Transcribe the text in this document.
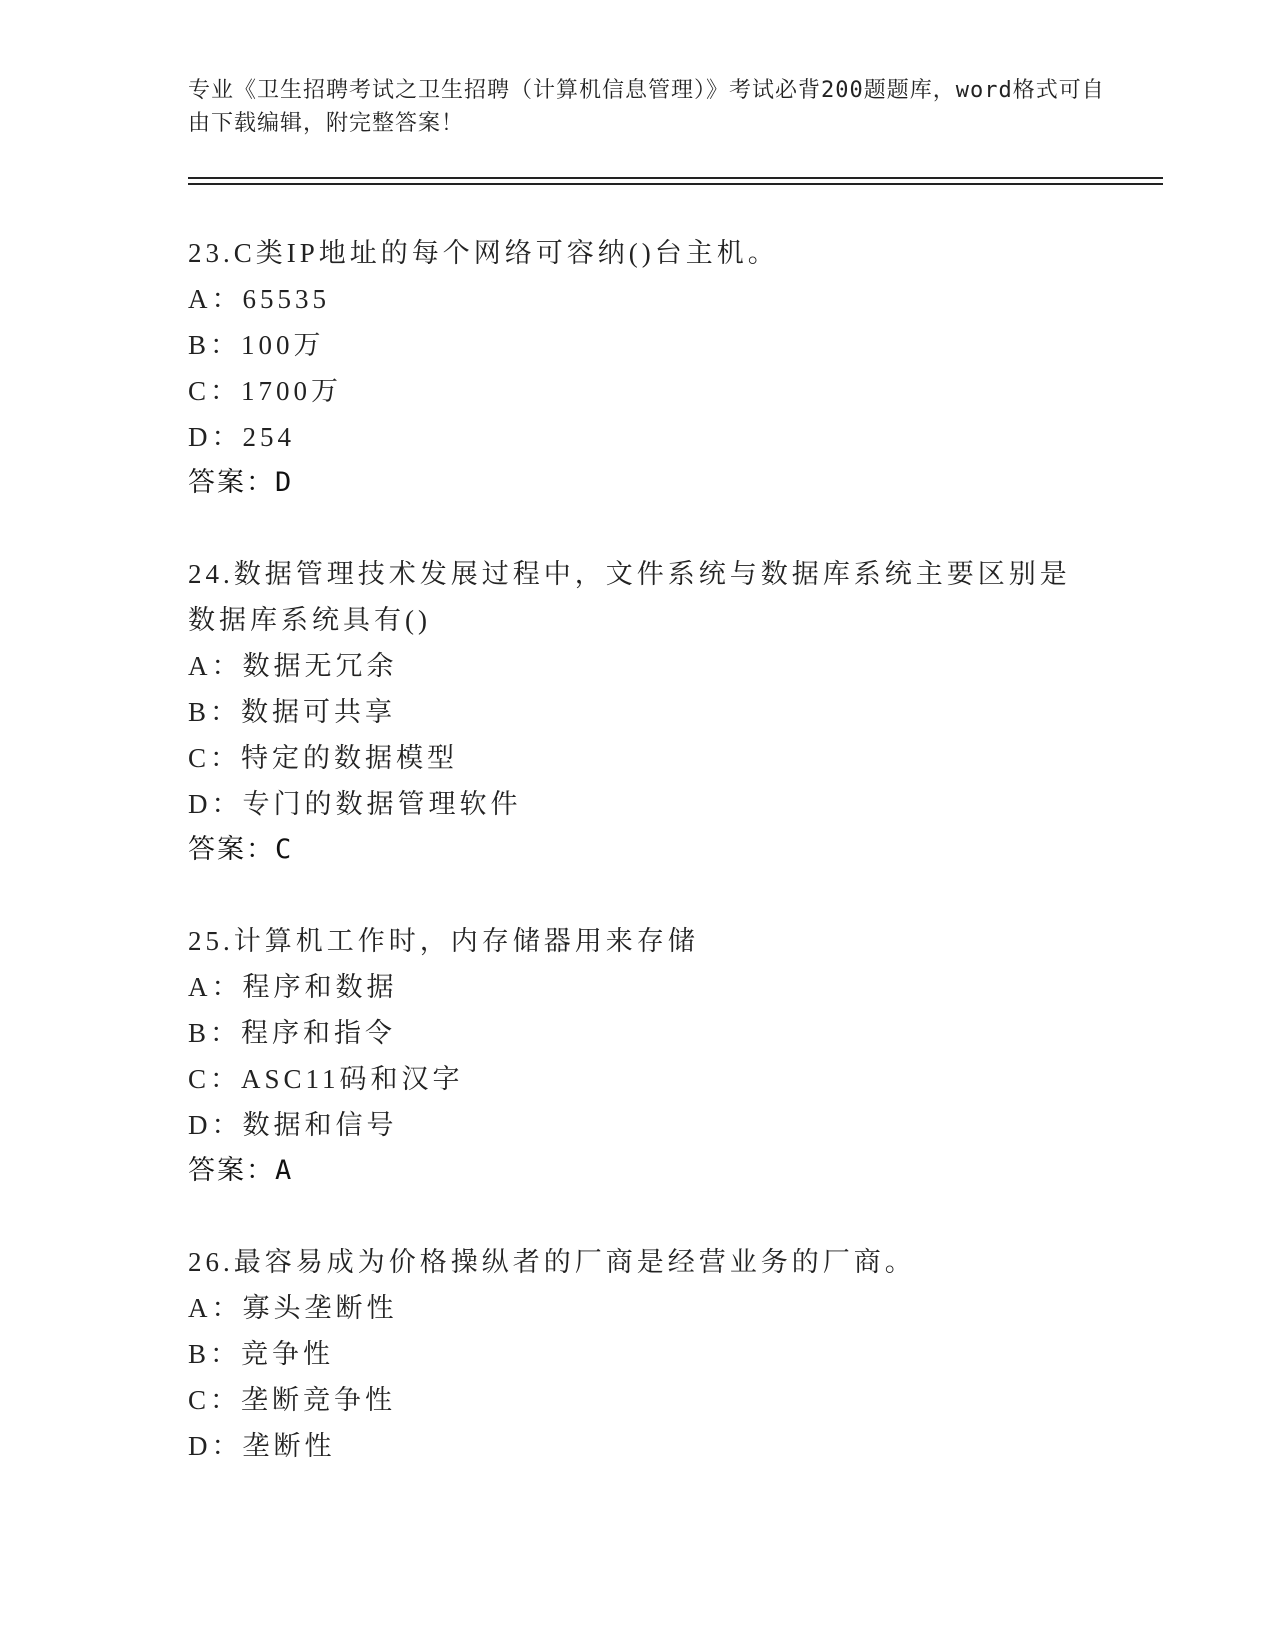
专业《卫生招聘考试之卫生招聘（计算机信息管理）》考试必背200题题库，word格式可自由下载编辑，附完整答案！
23.C类IP地址的每个网络可容纳()台主机。
A：65535
B：100万
C：1700万
D：254
答案：D
24.数据管理技术发展过程中，文件系统与数据库系统主要区别是数据库系统具有()
A：数据无冗余
B：数据可共享
C：特定的数据模型
D：专门的数据管理软件
答案：C
25.计算机工作时，内存储器用来存储
A：程序和数据
B：程序和指令
C：ASC11码和汉字
D：数据和信号
答案：A
26.最容易成为价格操纵者的厂商是经营业务的厂商。
A：寡头垄断性
B：竞争性
C：垄断竞争性
D：垄断性
